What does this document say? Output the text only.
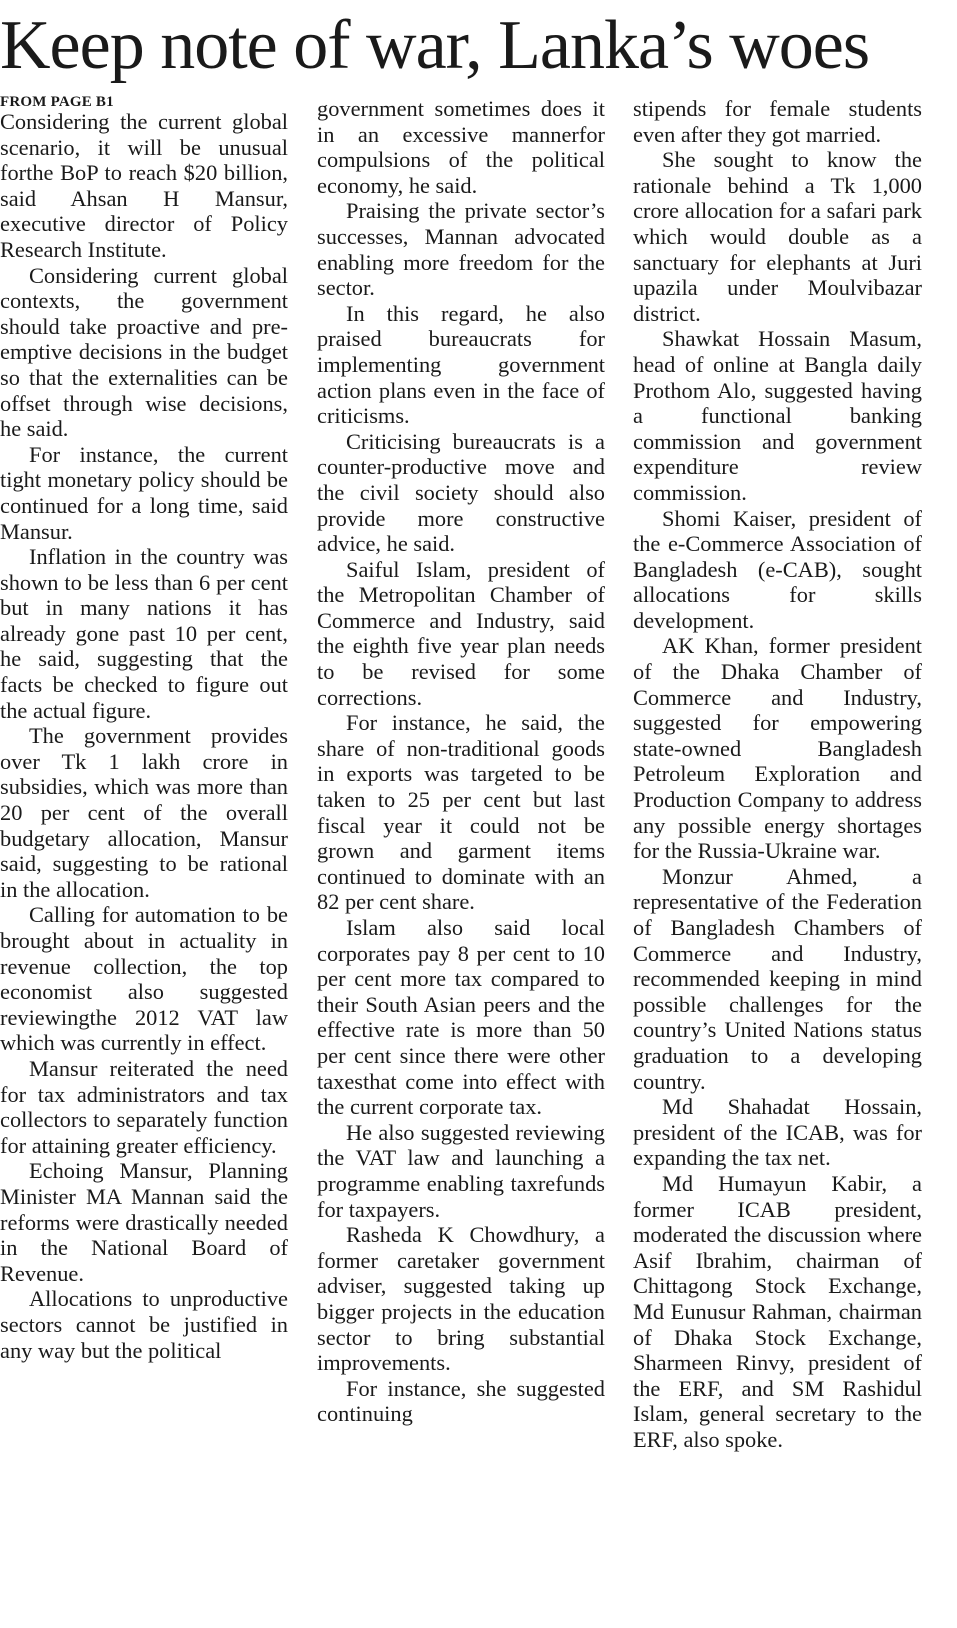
Keep note of war, Lanka’s woes
FROM PAGE B1

Considering the current global scenario, it will be unusual forthe BoP to reach $20 billion, said Ahsan H Mansur, executive director of Policy Research Institute.

Considering current global contexts, the government should take proactive and pre-emptive decisions in the budget so that the externalities can be offset through wise decisions, he said.

For instance, the current tight monetary policy should be continued for a long time, said Mansur.

Inflation in the country was shown to be less than 6 per cent but in many nations it has already gone past 10 per cent, he said, suggesting that the facts be checked to figure out the actual figure.

The government provides over Tk 1 lakh crore in subsidies, which was more than 20 per cent of the overall budgetary allocation, Mansur said, suggesting to be rational in the allocation.

Calling for automation to be brought about in actuality in revenue collection, the top economist also suggested reviewingthe 2012 VAT law which was currently in effect.

Mansur reiterated the need for tax administrators and tax collectors to separately function for attaining greater efficiency.

Echoing Mansur, Planning Minister MA Mannan said the reforms were drastically needed in the National Board of Revenue.

Allocations to unproductive sectors cannot be justified in any way but the political

government sometimes does it in an excessive mannerfor compulsions of the political economy, he said.

Praising the private sector’s successes, Mannan advocated enabling more freedom for the sector.

In this regard, he also praised bureaucrats for implementing government action plans even in the face of criticisms.

Criticising bureaucrats is a counter-productive move and the civil society should also provide more constructive advice, he said.

Saiful Islam, president of the Metropolitan Chamber of Commerce and Industry, said the eighth five year plan needs to be revised for some corrections.

For instance, he said, the share of non-traditional goods in exports was targeted to be taken to 25 per cent but last fiscal year it could not be grown and garment items continued to dominate with an 82 per cent share.

Islam also said local corporates pay 8 per cent to 10 per cent more tax compared to their South Asian peers and the effective rate is more than 50 per cent since there were other taxesthat come into effect with the current corporate tax.

He also suggested reviewing the VAT law and launching a programme enabling taxrefunds for taxpayers.

Rasheda K Chowdhury, a former caretaker government adviser, suggested taking up bigger projects in the education sector to bring substantial improvements.

For instance, she suggested continuing

stipends for female students even after they got married.

She sought to know the rationale behind a Tk 1,000 crore allocation for a safari park which would double as a sanctuary for elephants at Juri upazila under Moulvibazar district.

Shawkat Hossain Masum, head of online at Bangla daily Prothom Alo, suggested having a functional banking commission and government expenditure review commission.

Shomi Kaiser, president of the e-Commerce Association of Bangladesh (e-CAB), sought allocations for skills development.

AK Khan, former president of the Dhaka Chamber of Commerce and Industry, suggested for empowering state-owned Bangladesh Petroleum Exploration and Production Company to address any possible energy shortages for the Russia-Ukraine war.

Monzur Ahmed, a representative of the Federation of Bangladesh Chambers of Commerce and Industry, recommended keeping in mind possible challenges for the country’s United Nations status graduation to a developing country.

Md Shahadat Hossain, president of the ICAB, was for expanding the tax net.

Md Humayun Kabir, a former ICAB president, moderated the discussion where Asif Ibrahim, chairman of Chittagong Stock Exchange, Md Eunusur Rahman, chairman of Dhaka Stock Exchange, Sharmeen Rinvy, president of the ERF, and SM Rashidul Islam, general secretary to the ERF, also spoke.
